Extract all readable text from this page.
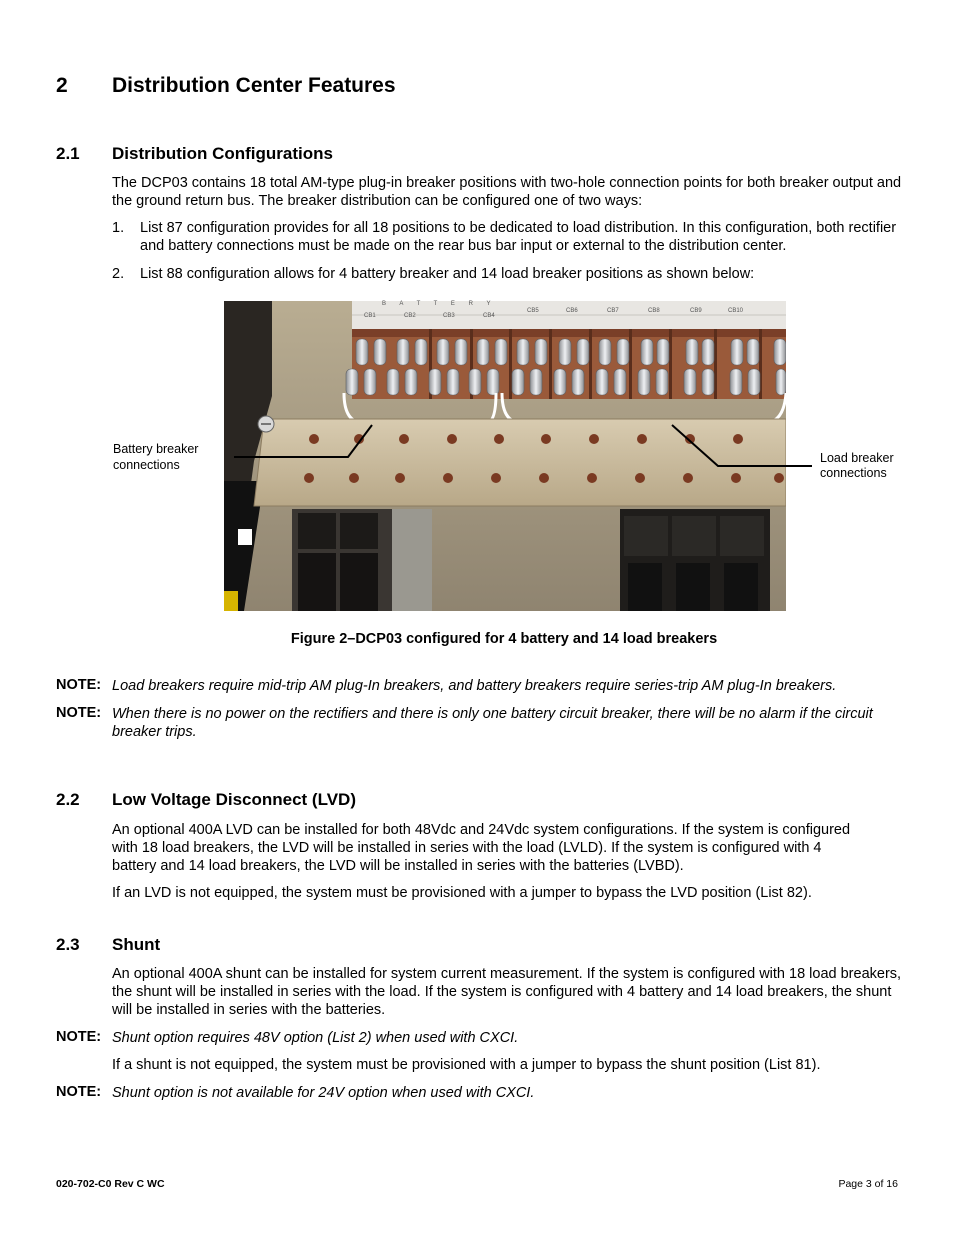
2 Distribution Center Features
2.1 Distribution Configurations
The DCP03 contains 18 total AM-type plug-in breaker positions with two-hole connection points for both breaker output and the ground return bus. The breaker distribution can be configured one of two ways:
1. List 87 configuration provides for all 18 positions to be dedicated to load distribution. In this configuration, both rectifier and battery connections must be made on the rear bus bar input or external to the distribution center.
2. List 88 configuration allows for 4 battery breaker and 14 load breaker positions as shown below:
B A T T E R Y
CB1	CB2	CB3	CB4
CB5	CB6	CB7	CB8	CB9	CB10
Battery breaker
connections	Load breaker
connections
Figure 2–DCP03 configured for 4 battery and 14 load breakers
NOTE: Load breakers require mid-trip AM plug-In breakers, and battery breakers require series-trip AM plug-In breakers.
NOTE: When there is no power on the rectifiers and there is only one battery circuit breaker, there will be no alarm if the circuit breaker trips.
2.2 Low Voltage Disconnect (LVD)
An optional 400A LVD can be installed for both 48Vdc and 24Vdc system configurations. If the system is configured with 18 load breakers, the LVD will be installed in series with the load (LVLD). If the system is configured with 4 battery and 14 load breakers, the LVD will be installed in series with the batteries (LVBD).
If an LVD is not equipped, the system must be provisioned with a jumper to bypass the LVD position (List 82).
2.3 Shunt
An optional 400A shunt can be installed for system current measurement. If the system is configured with 18 load breakers, the shunt will be installed in series with the load. If the system is configured with 4 battery and 14 load breakers, the shunt will be installed in series with the batteries.
NOTE: Shunt option requires 48V option (List 2) when used with CXCI.
If a shunt is not equipped, the system must be provisioned with a jumper to bypass the shunt position (List 81).
NOTE: Shunt option is not available for 24V option when used with CXCI.
020-702-C0 Rev C WC	Page 3 of 16
